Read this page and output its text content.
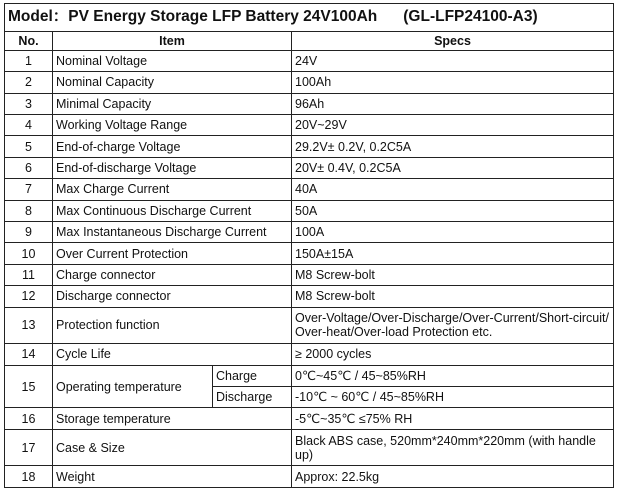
Model：PV Energy Storage LFP Battery 24V100Ah (GL-LFP24100-A3)			
No.	Item		Specs
1	Nominal Voltage		24V
2	Nominal Capacity		100Ah
3	Minimal Capacity		96Ah
4	Working Voltage Range		20V~29V
5	End-of-charge Voltage		29.2V± 0.2V, 0.2C5A
6	End-of-discharge Voltage		20V± 0.4V, 0.2C5A
7	Max Charge Current		40A
8	Max Continuous Discharge Current		50A
9	Max Instantaneous Discharge Current		100A
10	Over Current Protection		150A±15A
11	Charge connector		M8 Screw-bolt
12	Discharge connector		M8 Screw-bolt
13	Protection function		Over-Voltage/Over-Discharge/Over-Current/Short-circuit/ Over-heat/Over-load Protection etc.
14	Cycle Life		≥ 2000 cycles
15	Operating temperature	Charge	0℃~45℃ / 45~85%RH
		Discharge	-10℃ ~ 60℃ / 45~85%RH
16	Storage temperature		-5℃~35℃ ≤75% RH
17	Case & Size		Black ABS case, 520mm*240mm*220mm (with handle up)
18	Weight		Approx: 22.5kg
